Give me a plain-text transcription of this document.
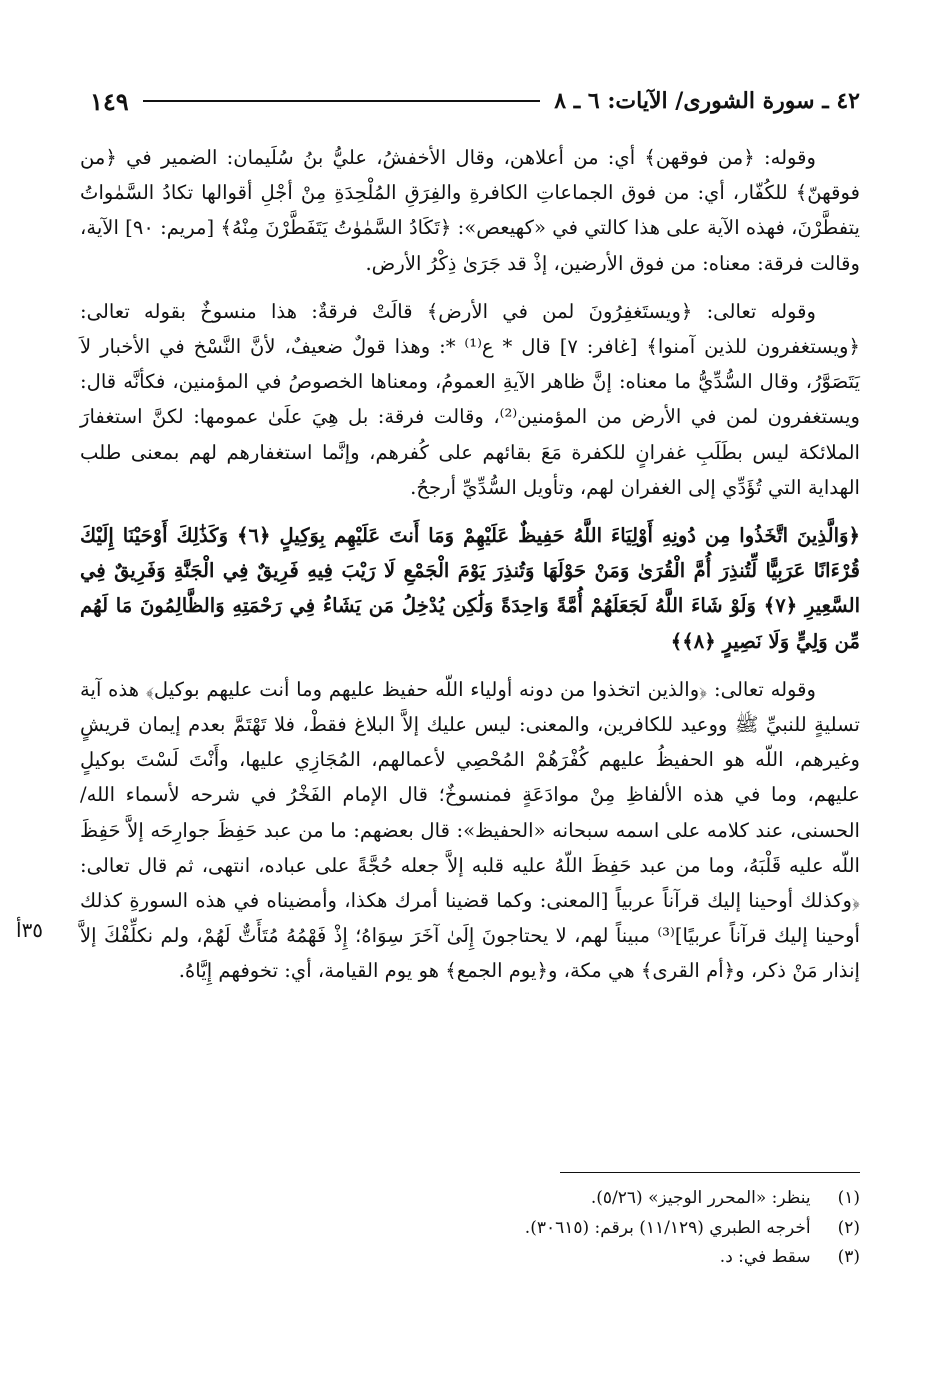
٤٢ ـ سورة الشورى/ الآيات: ٦ ـ ٨
١٤٩
٣٥أ

وقوله: ﴿من فوقهن﴾ أي: من أعلاهن، وقال الأخفشُ، عليُّ بنُ سُلَيمان: الضمير في ﴿من فوقهنّ﴾ للكُفّار، أي: من فوق الجماعاتِ الكافرةِ والفِرَقِ المُلْحِدَةِ مِنْ أجْلِ أقوالها تكادُ السَّمٰواتُ يتفطَّرْنَ، فهذه الآية على هذا كالتي في «كهيعص»: ﴿تَكَادُ السَّمٰوٰتُ يَتَفَطَّرْنَ مِنْهُ﴾ [مريم: ٩٠] الآية، وقالت فرقة: معناه: من فوق الأرضين، إذْ قد جَرَىٰ ذِكْرُ الأرض.

وقوله تعالى: ﴿ويستَغفِرُونَ لمن في الأرض﴾ قالَتْ فرقةٌ: هذا منسوخٌ بقوله تعالى: ﴿ويستغفرون للذين آمنوا﴾ [غافر: ٧] قال * ع⁽¹⁾ *: وهذا قولٌ ضعيفٌ، لأنَّ النَّسْخ في الأخبار لاَ يَتَصَوَّرُ، وقال السُّدِّيُّ ما معناه: إنَّ ظاهر الآيةِ العمومُ، ومعناها الخصوصُ في المؤمنين، فكأنَّه قال: ويستغفرون لمن في الأرض من المؤمنين⁽²⁾، وقالت فرقة: بل هِيَ علَىٰ عمومها: لكنَّ استغفارَ الملائكة ليس بطَلَبِ غفرانٍ للكفرة مَعَ بقائهم على كُفرهم، وإنَّما استغفارهم لهم بمعنى طلب الهداية التي تُؤَدِّي إلى الغفران لهم، وتأويل السُّدِّيِّ أرجحُ.

﴿وَالَّذِينَ اتَّخَذُوا مِن دُونِهِ أَوْلِيَاءَ اللَّهُ حَفِيظٌ عَلَيْهِمْ وَمَا أَنتَ عَلَيْهِم بِوَكِيلٍ ﴿٦﴾ وَكَذَٰلِكَ أَوْحَيْنَا إِلَيْكَ قُرْءَانًا عَرَبِيًّا لِّتُنذِرَ أُمَّ الْقُرَىٰ وَمَنْ حَوْلَهَا وَتُنذِرَ يَوْمَ الْجَمْعِ لَا رَيْبَ فِيهِ فَرِيقٌ فِي الْجَنَّةِ وَفَرِيقٌ فِي السَّعِيرِ ﴿٧﴾ وَلَوْ شَاءَ اللَّهُ لَجَعَلَهُمْ أُمَّةً وَاحِدَةً وَلَٰكِن يُدْخِلُ مَن يَشَاءُ فِي رَحْمَتِهِ وَالظَّالِمُونَ مَا لَهُم مِّن وَلِيٍّ وَلَا نَصِيرٍ ﴿٨﴾﴾

وقوله تعالى: ﴿والذين اتخذوا من دونه أولياء اللّه حفيظ عليهم وما أنت عليهم بوكيل﴾ هذه آية تسليةٍ للنبيِّ ﷺ ووعيد للكافرين، والمعنى: ليس عليك إلاَّ البلاغ فقطْ، فلا تَهْتَمَّ بعدم إيمان قريشٍ وغيرهم، اللّه هو الحفيظُ عليهم كُفْرَهُمْ المُحْصِي لأعمالهم، المُجَازِي عليها، وأَنْتَ لَسْتَ بوكيلٍ عليهم، وما في هذه الألفاظِ مِنْ موادَعَةٍ فمنسوخٌ؛ قال الإمام الفَخْرُ في شرحه لأسماء الله/ الحسنى، عند كلامه على اسمه سبحانه «الحفيظ»: قال بعضهم: ما من عبد حَفِظَ جوارِحَه إلاَّ حَفِظَ اللّه عليه قَلْبَهُ، وما من عبد حَفِظَ اللّهُ عليه قلبه إلاَّ جعله حُجَّةً على عباده، انتهى، ثم قال تعالى: ﴿وكذلك أوحينا إليك قرآناً عربياً [المعنى: وكما قضينا أمرك هكذا، وأمضيناه في هذه السورةِ كذلك أوحينا إليك قرآناً عربيًا]⁽³⁾ مبيناً لهم، لا يحتاجونَ إِلَىٰ آخَرَ سِوَاهُ؛ إِذْ فَهْمُهُ مُتَأَتٌّ لَهُمْ، ولم نكلِّفْكَ إلاَّ إنذار مَنْ ذكر، و﴿أم القرى﴾ هي مكة، و﴿يوم الجمع﴾ هو يوم القيامة، أي: تخوفهم إِيَّاهُ.

(١) ينظر: «المحرر الوجيز» (٥/٢٦).
(٢) أخرجه الطبري (١١/١٢٩) برقم: (٣٠٦١٥).
(٣) سقط في: د.
